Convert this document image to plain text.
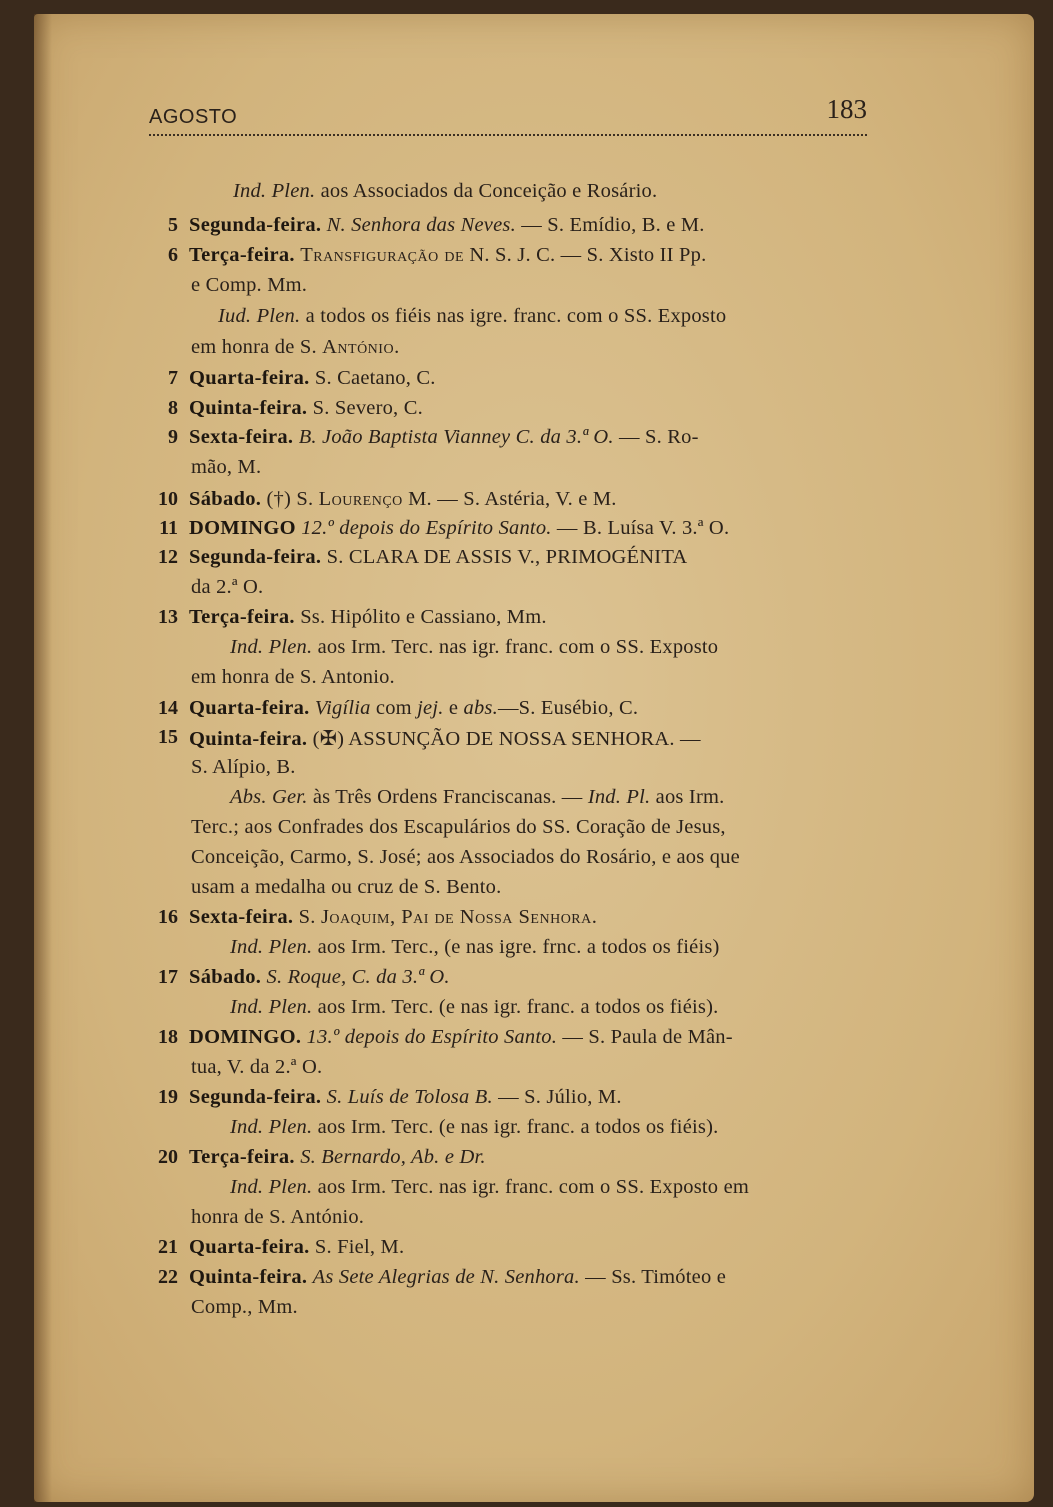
AGOSTO	183
Ind. Plen. aos Associados da Conceição e Rosário.
5 Segunda-feira. N. Senhora das Neves. — S. Emídio, B. e M.
6 Terça-feira. Transfiguração de N. S. J. C. — S. Xisto II Pp.
e Comp. Mm.
Iud. Plen. a todos os fiéis nas igre. franc. com o SS. Exposto
em honra de S. António.
7 Quarta-feira. S. Caetano, C.
8 Quinta-feira. S. Severo, C.
9 Sexta-feira. B. João Baptista Vianney C. da 3.ª O. — S. Ro-
mão, M.
10 Sábado. (†) S. Lourenço M. — S. Astéria, V. e M.
11 DOMINGO 12.º depois do Espírito Santo. — B. Luísa V. 3.ª O.
12 Segunda-feira. S. CLARA DE ASSIS V., PRIMOGÉNITA
da 2.ª O.
13 Terça-feira. Ss. Hipólito e Cassiano, Mm.
Ind. Plen. aos Irm. Terc. nas igr. franc. com o SS. Exposto
em honra de S. Antonio.
14 Quarta-feira. Vigília com jej. e abs.—S. Eusébio, C.
15 Quinta-feira. (✠) ASSUNÇÃO DE NOSSA SENHORA. —
S. Alípio, B.
Abs. Ger. às Três Ordens Franciscanas. — Ind. Pl. aos Irm.
Terc.; aos Confrades dos Escapulários do SS. Coração de Jesus,
Conceição, Carmo, S. José; aos Associados do Rosário, e aos que
usam a medalha ou cruz de S. Bento.
16 Sexta-feira. S. Joaquim, Pai de Nossa Senhora.
Ind. Plen. aos Irm. Terc., (e nas igre. frnc. a todos os fiéis)
17 Sábado. S. Roque, C. da 3.ª O.
Ind. Plen. aos Irm. Terc. (e nas igr. franc. a todos os fiéis).
18 DOMINGO. 13.º depois do Espírito Santo. — S. Paula de Mân-
tua, V. da 2.ª O.
19 Segunda-feira. S. Luís de Tolosa B. — S. Júlio, M.
Ind. Plen. aos Irm. Terc. (e nas igr. franc. a todos os fiéis).
20 Terça-feira. S. Bernardo, Ab. e Dr.
Ind. Plen. aos Irm. Terc. nas igr. franc. com o SS. Exposto em
honra de S. António.
21 Quarta-feira. S. Fiel, M.
22 Quinta-feira. As Sete Alegrias de N. Senhora. — Ss. Timóteo e
Comp., Mm.
